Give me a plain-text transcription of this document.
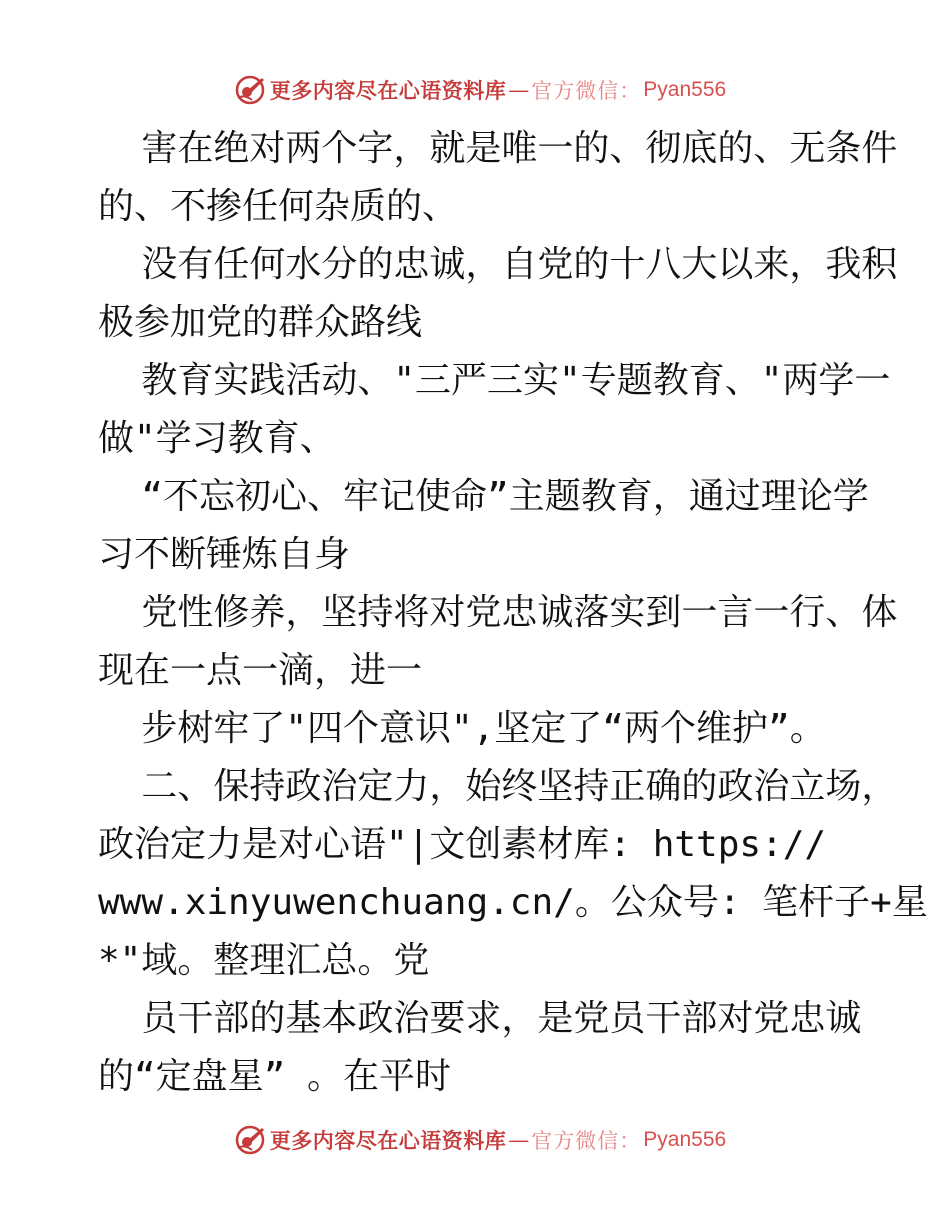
更多内容尽在心语资料库 — 官方微信： Pyan556
害在绝对两个字，就是唯一的、彻底的、无条件
的、不掺任何杂质的、
没有任何水分的忠诚，自党的十八大以来，我积
极参加党的群众路线
教育实践活动、"三严三实"专题教育、"两学一
做"学习教育、
“不忘初心、牢记使命”主题教育，通过理论学
习不断锤炼自身
党性修养，坚持将对党忠诚落实到一言一行、体
现在一点一滴，进一
步树牢了"四个意识",坚定了“两个维护”。
二、保持政治定力，始终坚持正确的政治立场，
政治定力是对心语"|文创素材库: https://
www.xinyuwenchuang.cn/。公众号: 笔杆子+星
*"域。整理汇总。党
员干部的基本政治要求，是党员干部对党忠诚
的“定盘星” 。在平时
更多内容尽在心语资料库 — 官方微信： Pyan556
